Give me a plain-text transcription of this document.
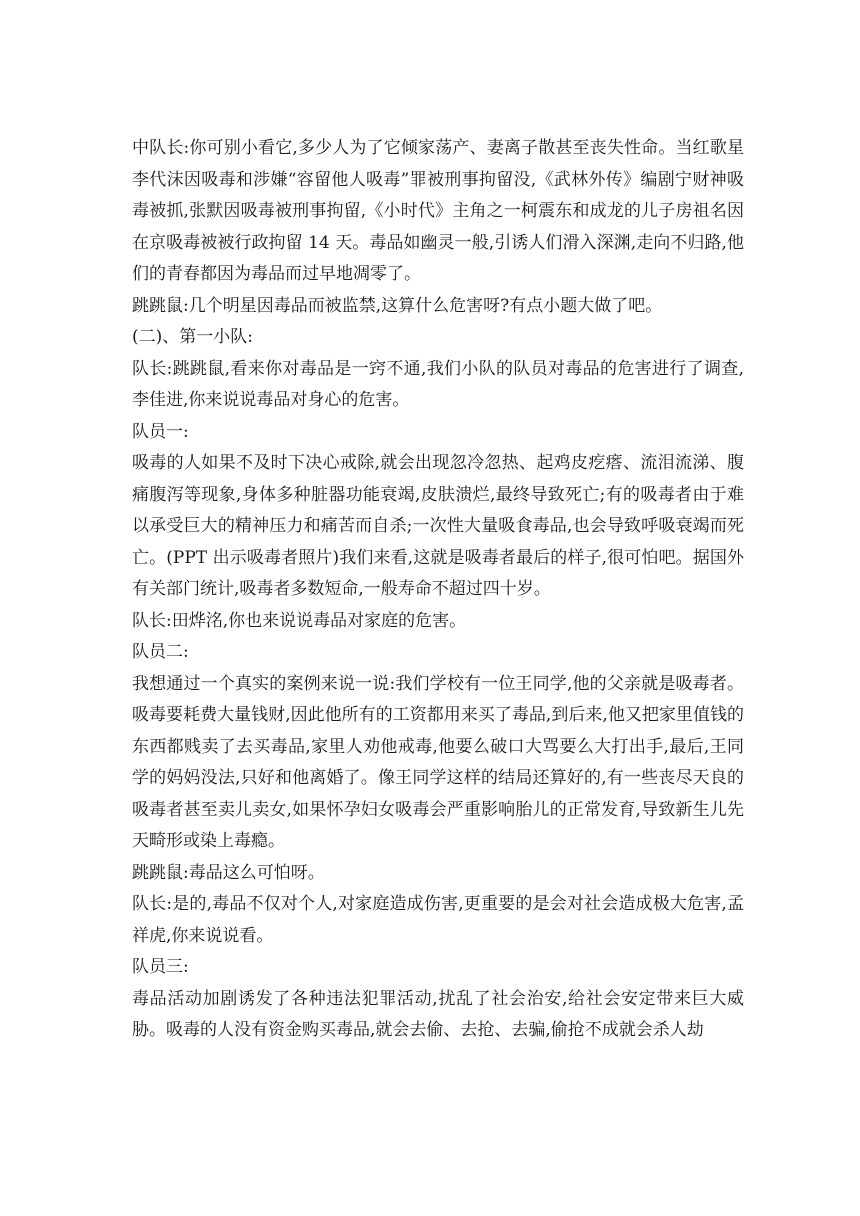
中队长:你可别小看它,多少人为了它倾家荡产、妻离子散甚至丧失性命。当红歌星李代沫因吸毒和涉嫌“容留他人吸毒”罪被刑事拘留没,《武林外传》编剧宁财神吸毒被抓,张默因吸毒被刑事拘留,《小时代》主角之一柯震东和成龙的儿子房祖名因在京吸毒被被行政拘留 14 天。毒品如幽灵一般,引诱人们滑入深渊,走向不归路,他们的青春都因为毒品而过早地凋零了。

跳跳鼠:几个明星因毒品而被监禁,这算什么危害呀?有点小题大做了吧。

(二)、第一小队:

队长:跳跳鼠,看来你对毒品是一窍不通,我们小队的队员对毒品的危害进行了调查,李佳进,你来说说毒品对身心的危害。

队员一:

吸毒的人如果不及时下决心戒除,就会出现忽冷忽热、起鸡皮疙瘩、流泪流涕、腹痛腹泻等现象,身体多种脏器功能衰竭,皮肤溃烂,最终导致死亡;有的吸毒者由于难以承受巨大的精神压力和痛苦而自杀;一次性大量吸食毒品,也会导致呼吸衰竭而死亡。(PPT 出示吸毒者照片)我们来看,这就是吸毒者最后的样子,很可怕吧。据国外有关部门统计,吸毒者多数短命,一般寿命不超过四十岁。

队长:田烨洺,你也来说说毒品对家庭的危害。

队员二:

我想通过一个真实的案例来说一说:我们学校有一位王同学,他的父亲就是吸毒者。吸毒要耗费大量钱财,因此他所有的工资都用来买了毒品,到后来,他又把家里值钱的东西都贱卖了去买毒品,家里人劝他戒毒,他要么破口大骂要么大打出手,最后,王同学的妈妈没法,只好和他离婚了。像王同学这样的结局还算好的,有一些丧尽天良的吸毒者甚至卖儿卖女,如果怀孕妇女吸毒会严重影响胎儿的正常发育,导致新生儿先天畸形或染上毒瘾。

跳跳鼠:毒品这么可怕呀。

队长:是的,毒品不仅对个人,对家庭造成伤害,更重要的是会对社会造成极大危害,孟祥虎,你来说说看。

队员三:

毒品活动加剧诱发了各种违法犯罪活动,扰乱了社会治安,给社会安定带来巨大威胁。吸毒的人没有资金购买毒品,就会去偷、去抢、去骗,偷抢不成就会杀人劫
